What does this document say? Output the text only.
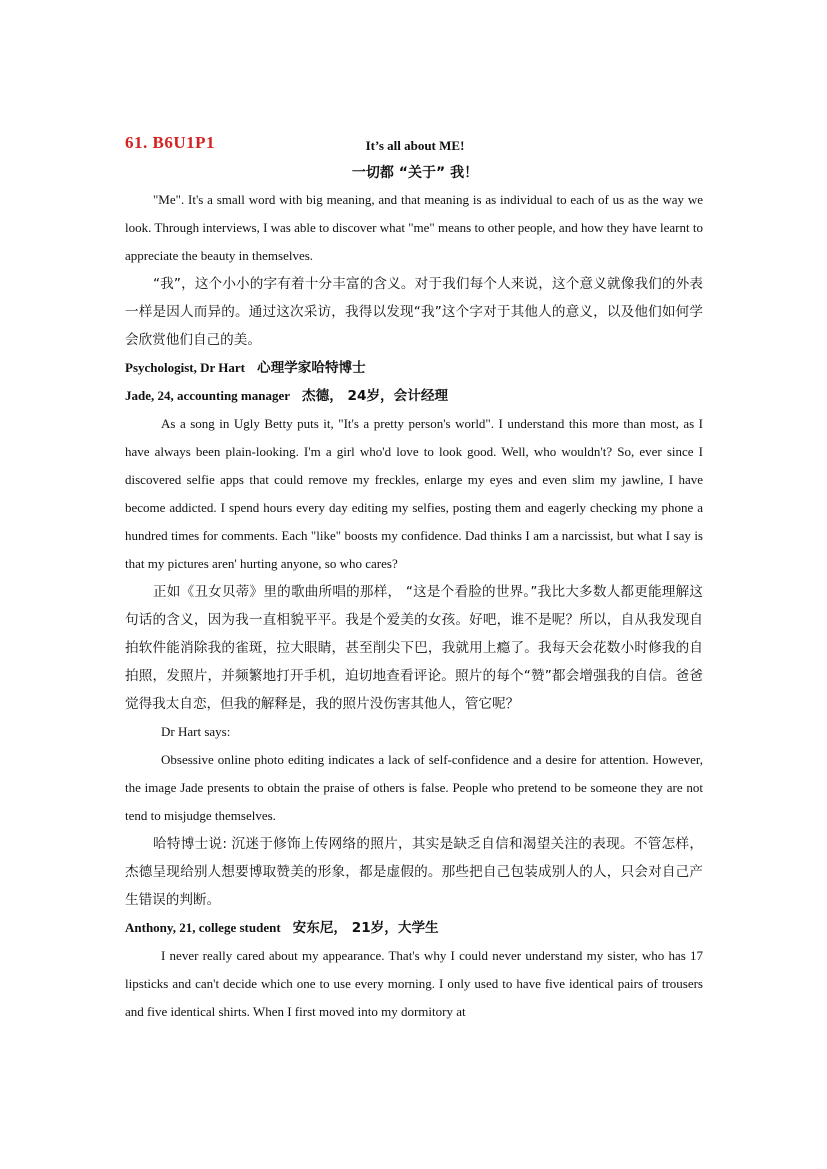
61. B6U1P1	It’s all about ME!
一切都 “关于” 我！

"Me". It's a small word with big meaning, and that meaning is as individual to each of us as the way we look. Through interviews, I was able to discover what "me" means to other people, and how they have learnt to appreciate the beauty in themselves.

“我”，这个小小的字有着十分丰富的含义。对于我们每个人来说，这个意义就像我们的外表一样是因人而异的。通过这次采访，我得以发现“我”这个字对于其他人的意义，以及他们如何学会欣赏他们自己的美。

Psychologist, Dr Hart 心理学家哈特博士

Jade, 24, accounting manager 杰德， 24岁，会计经理

As a song in Ugly Betty puts it, "It's a pretty person's world". I understand this more than most, as I have always been plain-looking. I'm a girl who'd love to look good. Well, who wouldn't? So, ever since I discovered selfie apps that could remove my freckles, enlarge my eyes and even slim my jawline, I have become addicted. I spend hours every day editing my selfies, posting them and eagerly checking my phone a hundred times for comments. Each "like" boosts my confidence. Dad thinks I am a narcissist, but what I say is that my pictures aren' hurting anyone, so who cares?

正如《丑女贝蒂》里的歌曲所唱的那样， “这是个看脸的世界。”我比大多数人都更能理解这句话的含义，因为我一直相貌平平。我是个爱美的女孩。好吧，谁不是呢？所以，自从我发现自拍软件能消除我的雀斑，拉大眼睛，甚至削尖下巴，我就用上瘾了。我每天会花数小时修我的自拍照，发照片，并频繁地打开手机，迫切地查看评论。照片的每个“赞”都会增强我的自信。爸爸觉得我太自恋，但我的解释是，我的照片没伤害其他人，管它呢？

Dr Hart says:

Obsessive online photo editing indicates a lack of self-confidence and a desire for attention. However, the image Jade presents to obtain the praise of others is false. People who pretend to be someone they are not tend to misjudge themselves.

哈特博士说: 沉迷于修饰上传网络的照片，其实是缺乏自信和渴望关注的表现。不管怎样，杰德呈现给别人想要博取赞美的形象，都是虚假的。那些把自己包装成别人的人，只会对自己产生错误的判断。

Anthony, 21, college student 安东尼， 21岁，大学生

I never really cared about my appearance. That's why I could never understand my sister, who has 17 lipsticks and can't decide which one to use every morning. I only used to have five identical pairs of trousers and five identical shirts. When I first moved into my dormitory at
